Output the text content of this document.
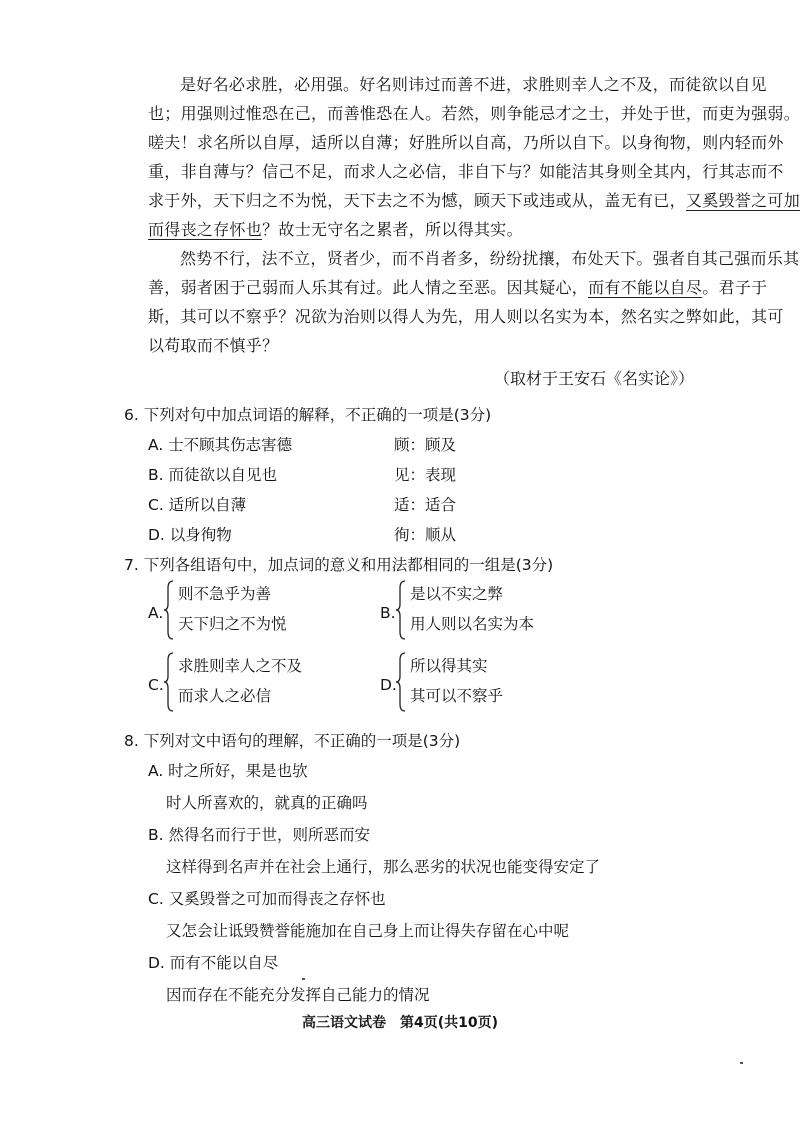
是好名必求胜，必用强。好名则讳过而善不进，求胜则幸人之不及，而徒欲以自见
也；用强则过惟恐在己，而善惟恐在人。若然，则争能忌才之士，并处于世，而吏为强弱。
嗟夫！求名所以自厚，适所以自薄；好胜所以自高，乃所以自下。以身徇物，则内轻而外
重，非自薄与？信己不足，而求人之必信，非自下与？如能洁其身则全其内，行其志而不
求于外，天下归之不为悦，天下去之不为憾，顾天下或违或从，盖无有已，又奚毁誉之可加
而得丧之存怀也？故士无守名之累者，所以得其实。
然势不行，法不立，贤者少，而不肖者多，纷纷扰攘，布处天下。强者自其己强而乐其
善，弱者困于己弱而人乐其有过。此人情之至恶。因其疑心，而有不能以自尽。君子于
斯，其可以不察乎？况欲为治则以得人为先，用人则以名实为本，然名实之弊如此，其可
以苟取而不慎乎？
（取材于王安石《名实论》）
6. 下列对句中加点词语的解释，不正确的一项是(3分)
A. 士不顾其伤志害德	顾：顾及
B. 而徒欲以自见也	见：表现
C. 适所以自薄	适：适合
D. 以身徇物	徇：顺从
7. 下列各组语句中，加点词的意义和用法都相同的一组是(3分)
A.
则不急乎为善
天下归之不为悦
B.
是以不实之弊
用人则以名实为本
C.
求胜则幸人之不及
而求人之必信
D.
所以得其实
其可以不察乎
8. 下列对文中语句的理解，不正确的一项是(3分)
A. 时之所好，果是也欤
时人所喜欢的，就真的正确吗
B. 然得名而行于世，则所恶而安
这样得到名声并在社会上通行，那么恶劣的状况也能变得安定了
C. 又奚毁誉之可加而得丧之存怀也
又怎会让诋毁赞誉能施加在自己身上而让得失存留在心中呢
D. 而有不能以自尽
因而存在不能充分发挥自己能力的情况
高三语文试卷　第4页(共10页)
